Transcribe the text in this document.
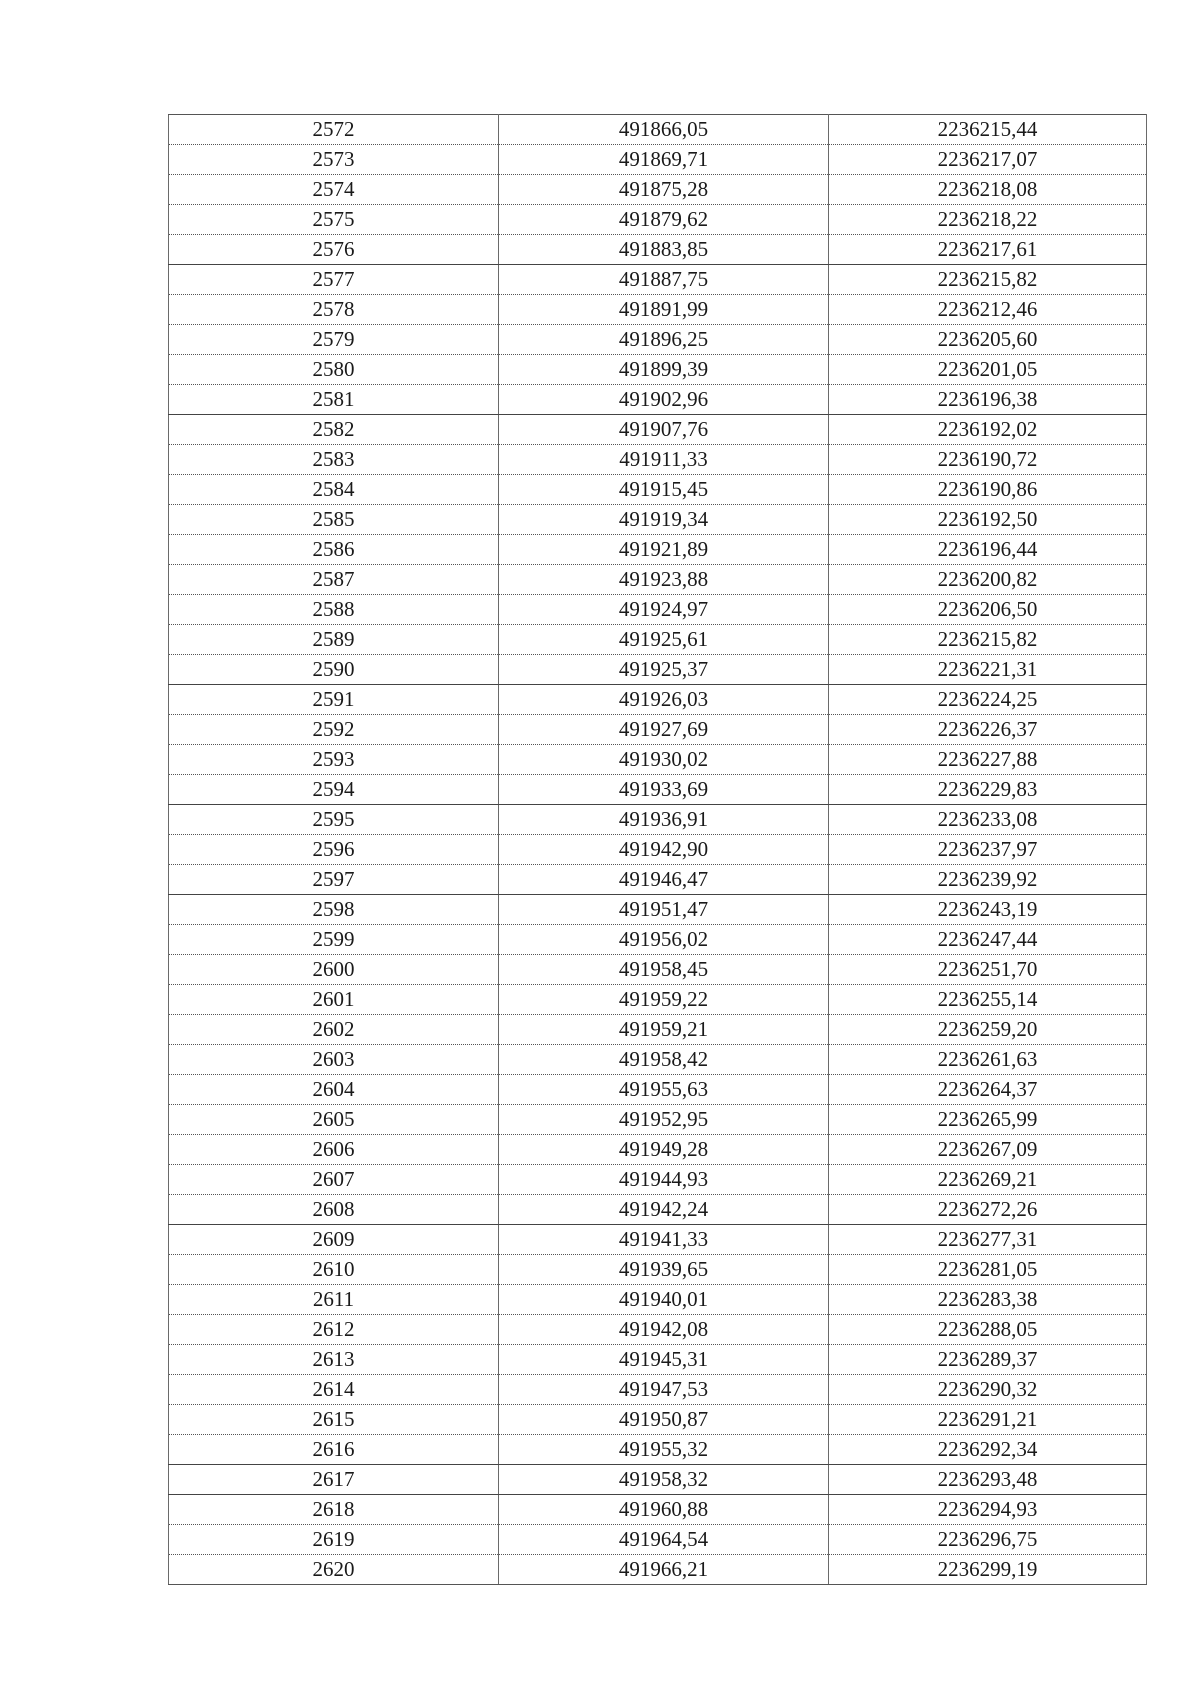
2572	491866,05	2236215,44
2573	491869,71	2236217,07
2574	491875,28	2236218,08
2575	491879,62	2236218,22
2576	491883,85	2236217,61
2577	491887,75	2236215,82
2578	491891,99	2236212,46
2579	491896,25	2236205,60
2580	491899,39	2236201,05
2581	491902,96	2236196,38
2582	491907,76	2236192,02
2583	491911,33	2236190,72
2584	491915,45	2236190,86
2585	491919,34	2236192,50
2586	491921,89	2236196,44
2587	491923,88	2236200,82
2588	491924,97	2236206,50
2589	491925,61	2236215,82
2590	491925,37	2236221,31
2591	491926,03	2236224,25
2592	491927,69	2236226,37
2593	491930,02	2236227,88
2594	491933,69	2236229,83
2595	491936,91	2236233,08
2596	491942,90	2236237,97
2597	491946,47	2236239,92
2598	491951,47	2236243,19
2599	491956,02	2236247,44
2600	491958,45	2236251,70
2601	491959,22	2236255,14
2602	491959,21	2236259,20
2603	491958,42	2236261,63
2604	491955,63	2236264,37
2605	491952,95	2236265,99
2606	491949,28	2236267,09
2607	491944,93	2236269,21
2608	491942,24	2236272,26
2609	491941,33	2236277,31
2610	491939,65	2236281,05
2611	491940,01	2236283,38
2612	491942,08	2236288,05
2613	491945,31	2236289,37
2614	491947,53	2236290,32
2615	491950,87	2236291,21
2616	491955,32	2236292,34
2617	491958,32	2236293,48
2618	491960,88	2236294,93
2619	491964,54	2236296,75
2620	491966,21	2236299,19
